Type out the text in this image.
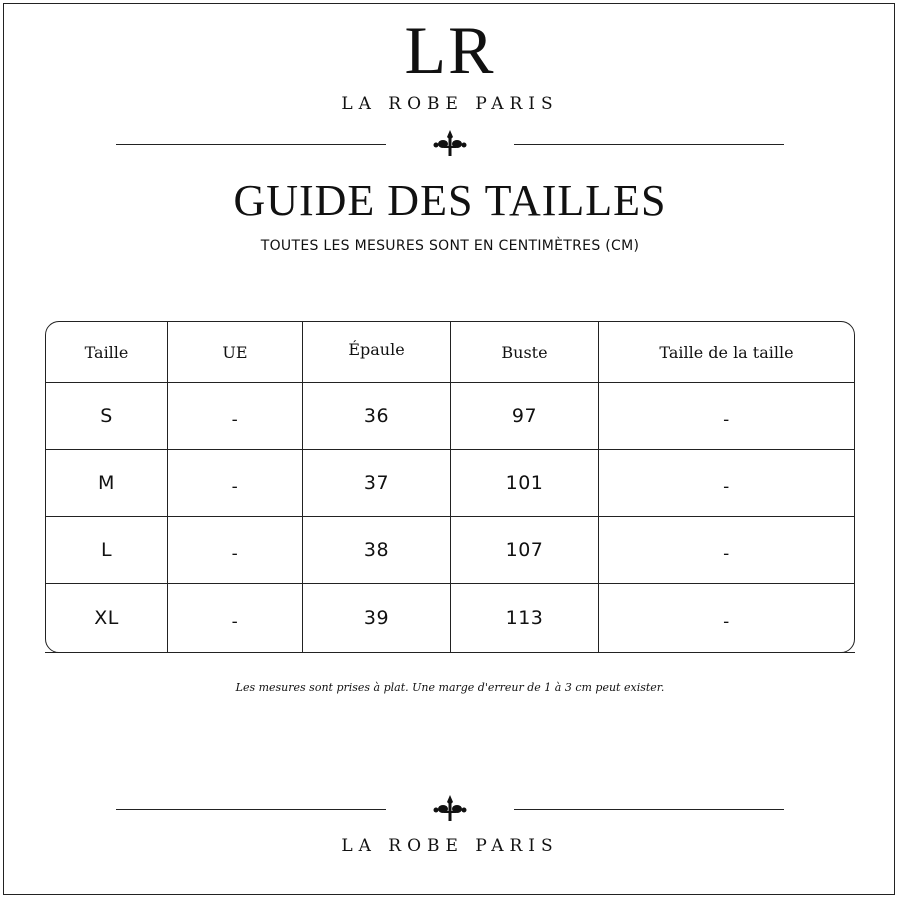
LR
LA ROBE PARIS
GUIDE DES TAILLES
TOUTES LES MESURES SONT EN CENTIMÈTRES (CM)
Taille	UE	Épaule	Buste	Taille de la taille
S	-	36	97	-
M	-	37	101	-
L	-	38	107	-
XL	-	39	113	-
Les mesures sont prises à plat. Une marge d'erreur de 1 à 3 cm peut exister.
LA ROBE PARIS
